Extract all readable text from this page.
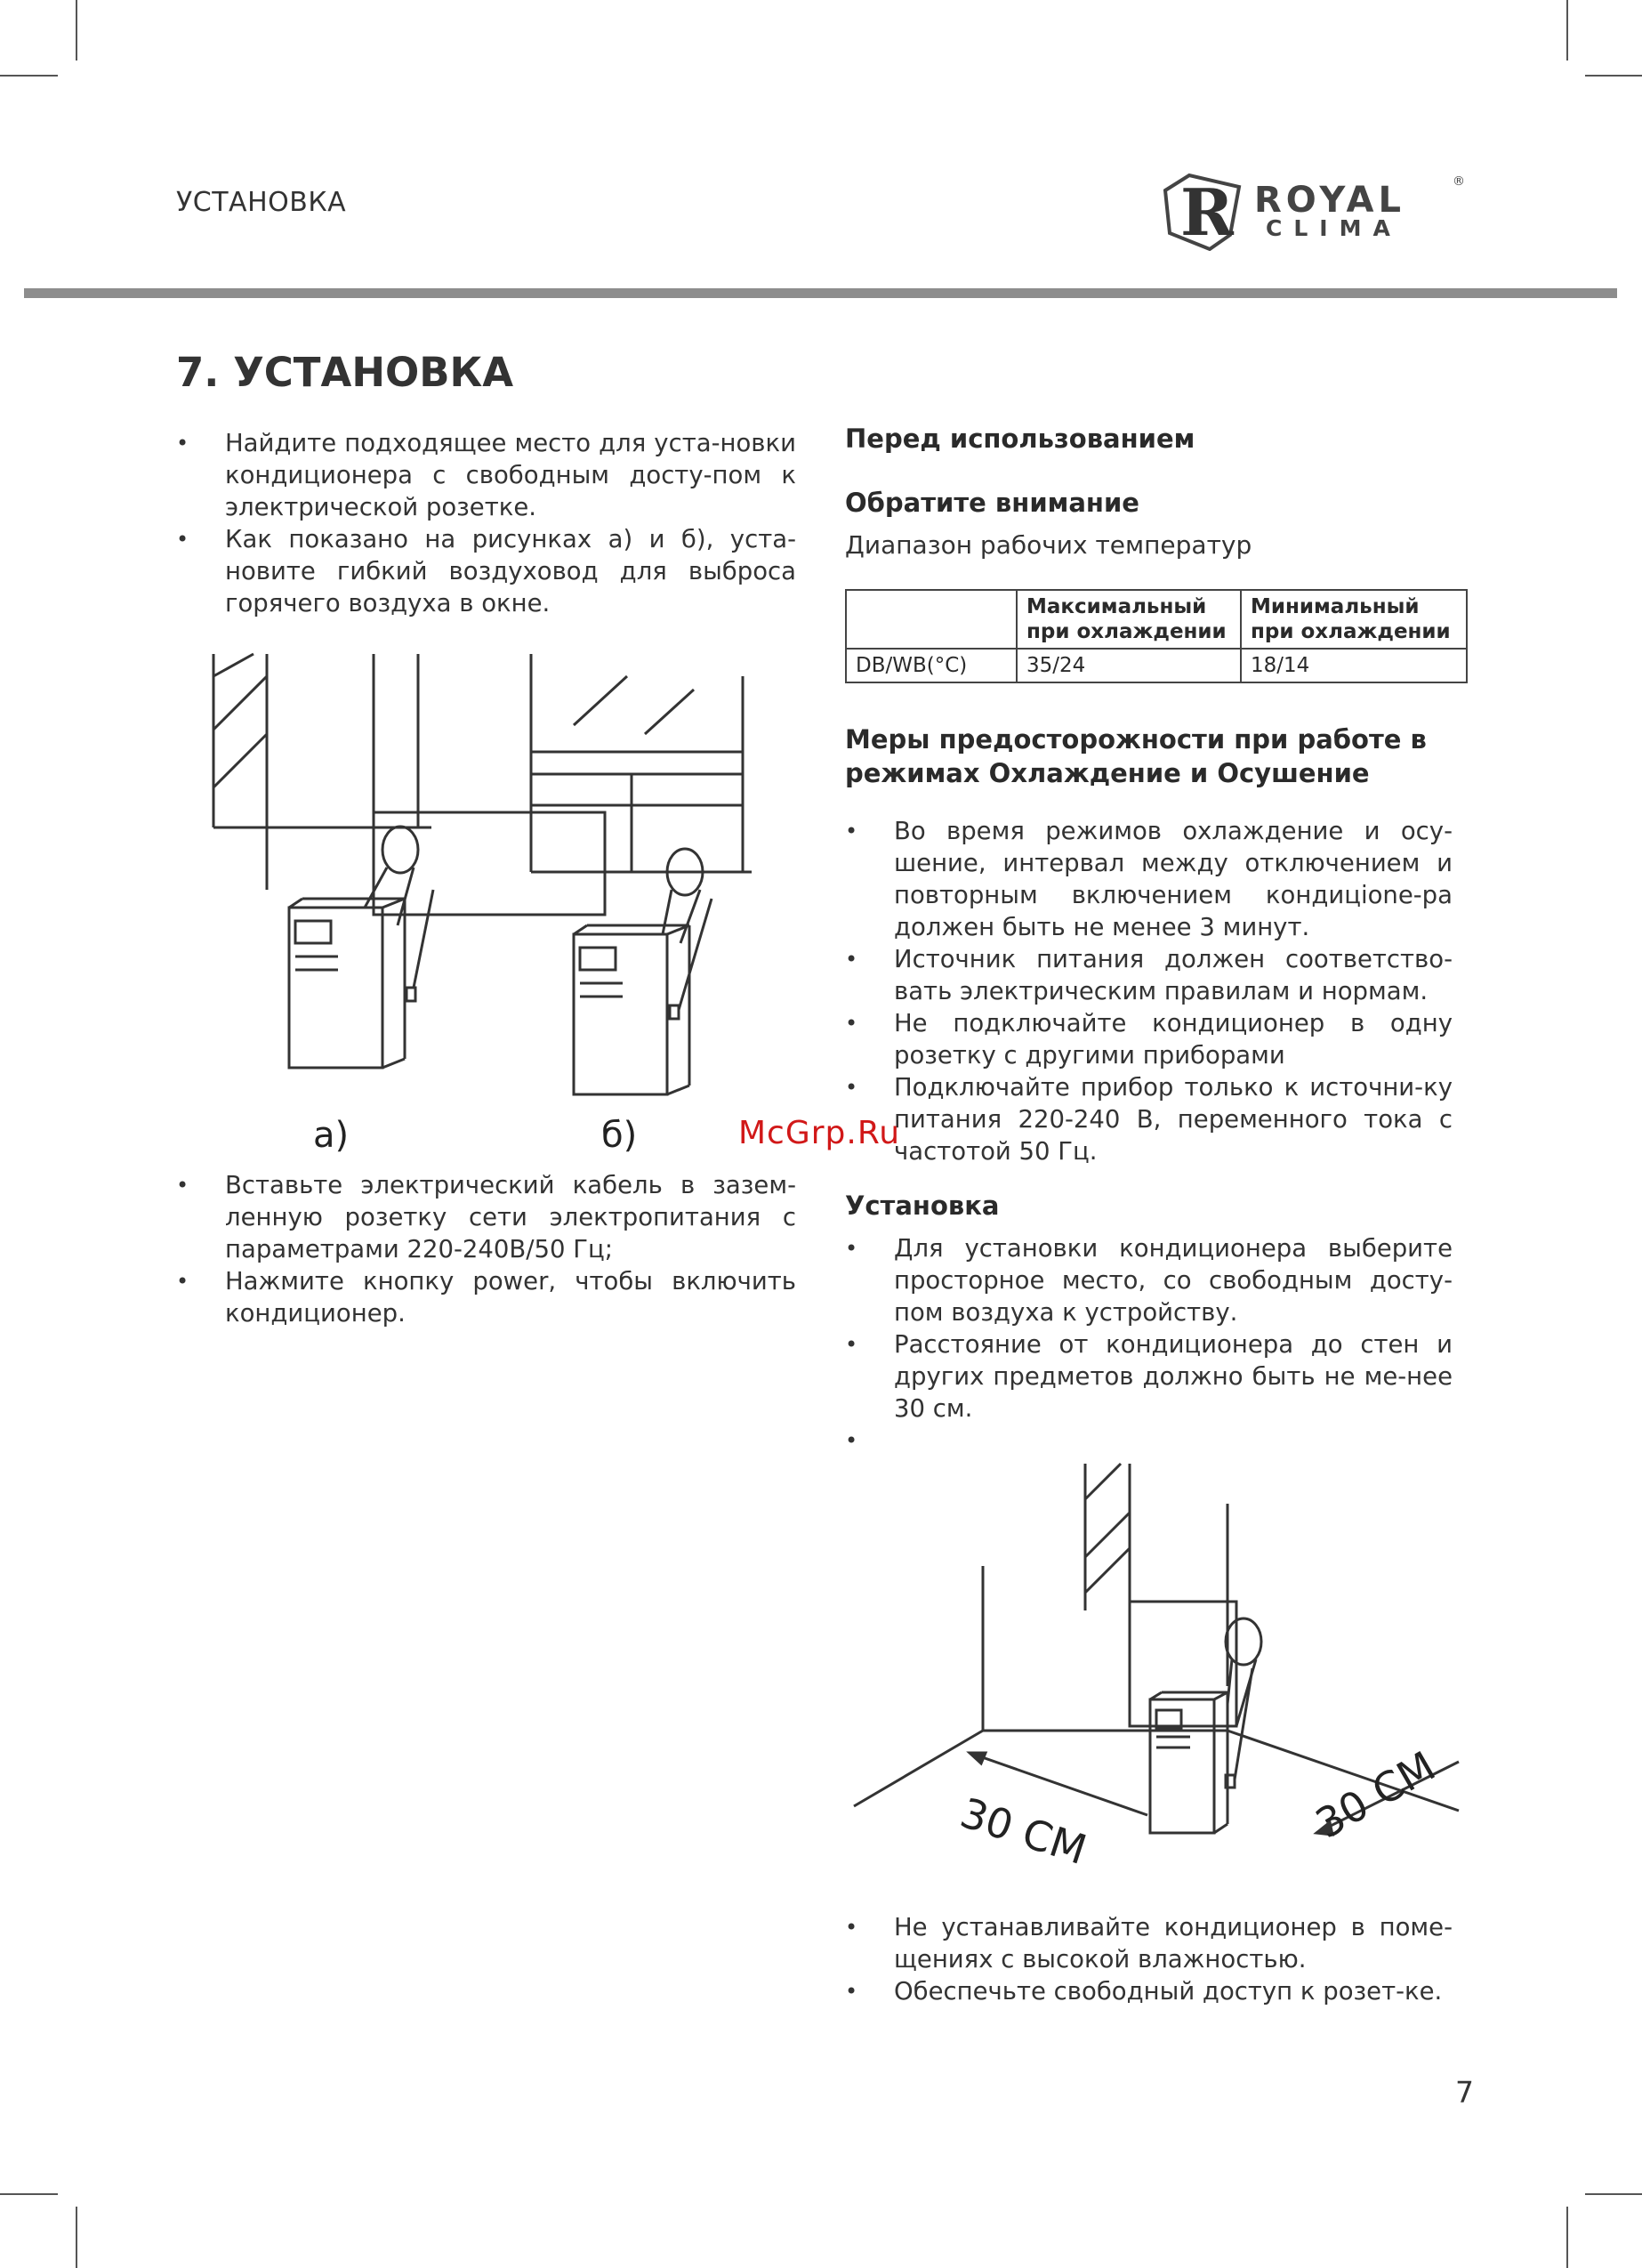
УСТАНОВКА	R ROYAL	®
CLIMA
7. УСТАНОВКА
• Найдите подходящее место для уста-новки кондиционера с свободным досту-пом к электрической розетке.
• Как показано на рисунках а) и б), уста-новите гибкий воздуховод для выброса горячего воздуха в окне.
а)	б)
• Вставьте электрический кабель в зазем-ленную розетку сети электропитания с параметрами 220-240В/50 Гц;
• Нажмите кнопку power, чтобы включить кондиционер.
Перед использованием
Обратите внимание
Диапазон рабочих температур
	Максимальный при охлаждении	Минимальный при охлаждении
DB/WB(°C)	35/24	18/14
Меры предосторожности при работе в режимах Охлаждение и Осушение
• Во время режимов охлаждение и осу-шение, интервал между отключением и повторным включением кондицione-ра должен быть не менее 3 минут.
• Источник питания должен соответство-вать электрическим правилам и нормам.
• Не подключайте кондиционер в одну розетку с другими приборами
• Подключайте прибор только к источни-ку питания 220-240 В, переменного тока с частотой 50 Гц.
McGrp.Ru
Установка
• Для установки кондиционера выберите просторное место, со свободным досту-пом воздуха к устройству.
• Расстояние от кондиционера до стен и других предметов должно быть не ме-нее 30 см.
•
30 CM	30 CM
• Не устанавливайте кондиционер в поме-щениях с высокой влажностью.
• Обеспечьте свободный доступ к розет-ке.
7
